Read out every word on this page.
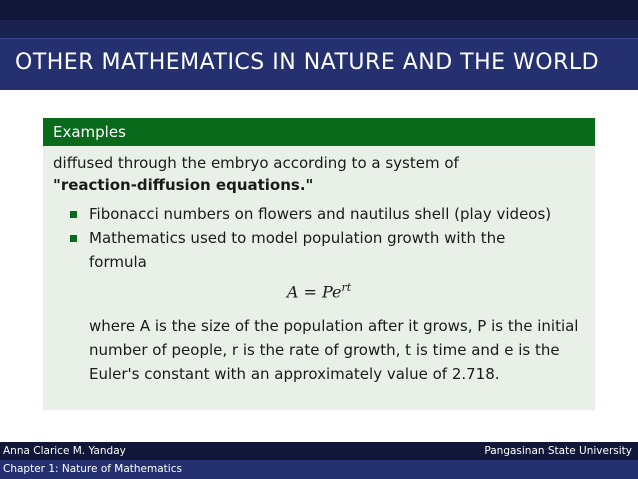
OTHER MATHEMATICS IN NATURE AND THE WORLD
Examples
diffused through the embryo according to a system of
"reaction-diffusion equations."
Fibonacci numbers on flowers and nautilus shell (play videos)
Mathematics used to model population growth with the formula
$A = Pe^{rt}$
where A is the size of the population after it grows, P is the initial number of people, r is the rate of growth, t is time and e is the Euler's constant with an approximately value of 2.718.
Anna Clarice M. Yanday	Pangasinan State University
Chapter 1: Nature of Mathematics
